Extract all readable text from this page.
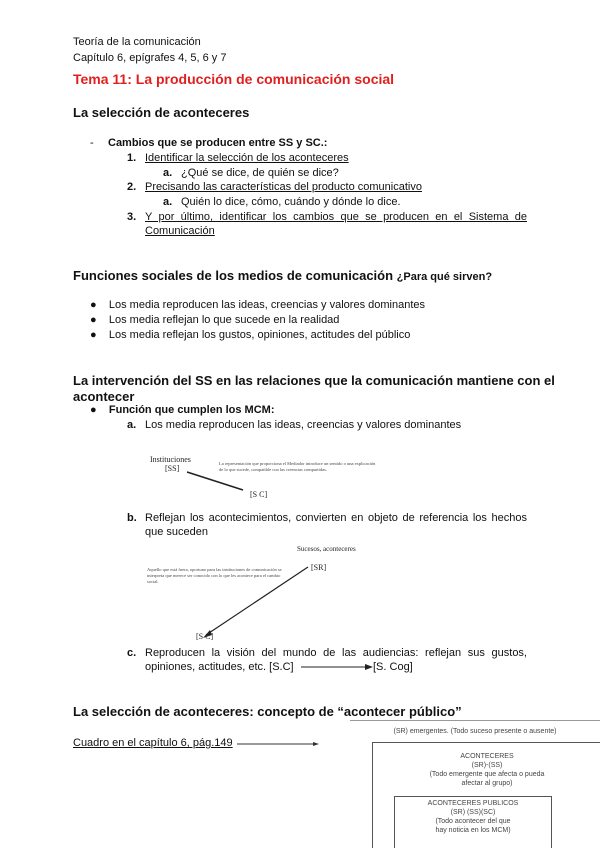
Teoría de la comunicación
Capítulo 6, epígrafes 4, 5, 6 y 7
Tema 11: La producción de comunicación social
La selección de aconteceres
- Cambios que se producen entre SS y SC.:
1. Identificar la selección de los aconteceres
a. ¿Qué se dice, de quién se dice?
2. Precisando las características del producto comunicativo
a. Quién lo dice, cómo, cuándo y dónde lo dice.
3. Y por último, identificar los cambios que se producen en el Sistema de
Comunicación
Funciones sociales de los medios de comunicación ¿Para qué sirven?
●    Los media reproducen las ideas, creencias y valores dominantes
●    Los media reflejan lo que sucede en la realidad
●    Los media reflejan los gustos, opiniones, actitudes del público
La intervención del SS en las relaciones que la comunicación mantiene con el
acontecer
●    Función que cumplen los MCM:
a. Los media reproducen las ideas, creencias y valores dominantes
Instituciones
[SS]
La representación que proporciona el Mediador introduce un sentido o una explicación de lo que sucede, compatible con las creencias compartidas.
[S C]
b. Reflejan los acontecimientos, convierten en objeto de referencia los hechos
que suceden
Sucesos, aconteceres
[SR]
Aquello que está fuera, oportuno para las instituciones de comunicación se interpreta que merece ser conocido con lo que les acontece para el cambio social.
[S C]
c. Reproducen la visión del mundo de las audiencias: reflejan sus gustos,
opiniones, actitudes, etc. [S.C]	[S. Cog]
La selección de aconteceres: concepto de “acontecer público”
Cuadro en el capítulo 6, pág.149
(SR) emergentes. (Todo suceso presente o ausente)
ACONTECERES
(SR)-(SS)
(Todo emergente que afecta o pueda
afectar al grupo)
ACONTECERES PUBLICOS
(SR) (SS)(SC)
(Todo acontecer del que
hay noticia en los MCM)
